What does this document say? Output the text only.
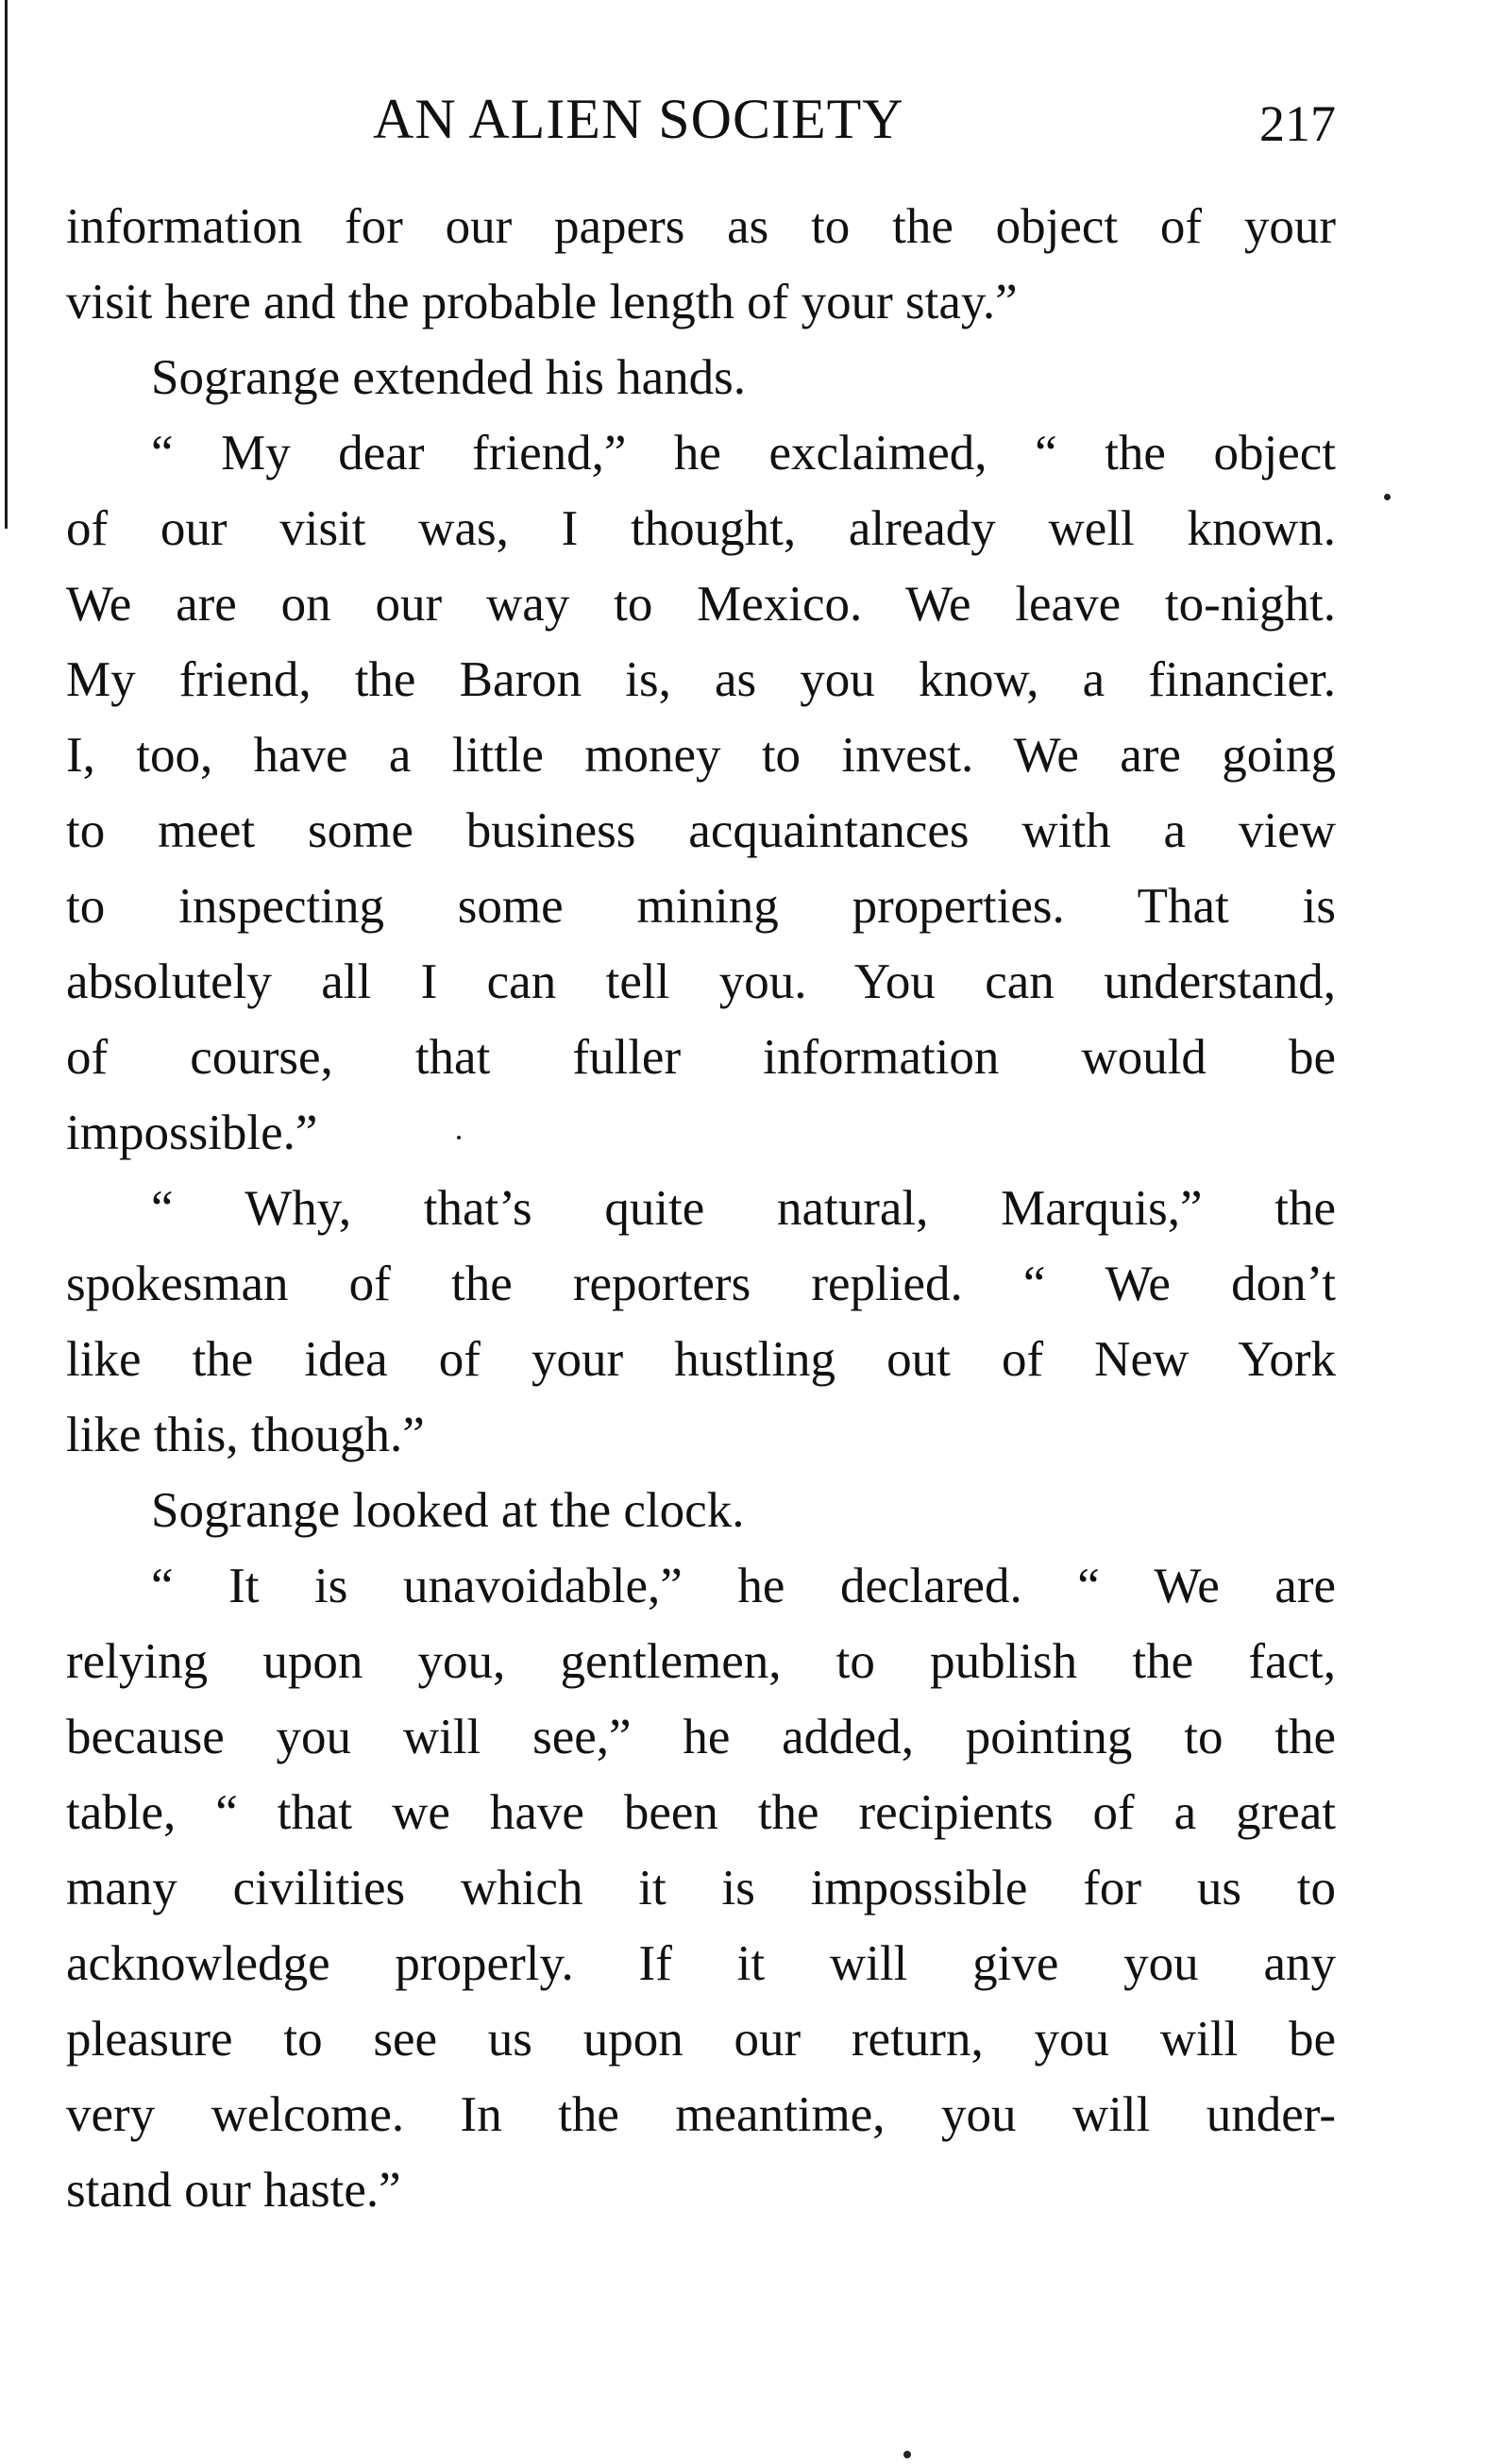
AN ALIEN SOCIETY	217
information for our papers as to the object of your
visit here and the probable length of your stay.”
Sogrange extended his hands.
“ My dear friend,” he exclaimed, “ the object
of our visit was, I thought, already well known.
We are on our way to Mexico. We leave to-night.
My friend, the Baron is, as you know, a financier.
I, too, have a little money to invest. We are going
to meet some business acquaintances with a view
to inspecting some mining properties. That is
absolutely all I can tell you. You can understand,
of course, that fuller information would be
impossible.”
“ Why, that’s quite natural, Marquis,” the
spokesman of the reporters replied. “ We don’t
like the idea of your hustling out of New York
like this, though.”
Sogrange looked at the clock.
“ It is unavoidable,” he declared. “ We are
relying upon you, gentlemen, to publish the fact,
because you will see,” he added, pointing to the
table, “ that we have been the recipients of a great
many civilities which it is impossible for us to
acknowledge properly. If it will give you any
pleasure to see us upon our return, you will be
very welcome. In the meantime, you will under-
stand our haste.”
